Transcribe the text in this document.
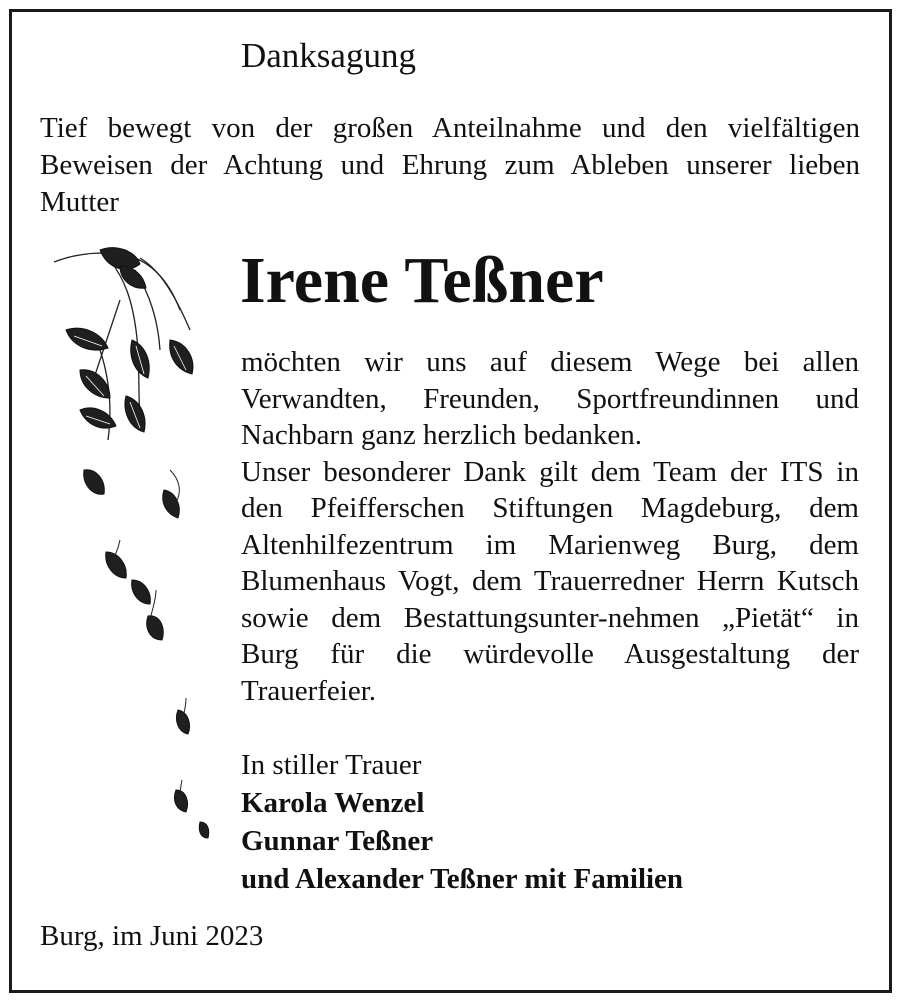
Danksagung
Tief bewegt von der großen Anteilnahme und den vielfältigen Beweisen der Achtung und Ehrung zum Ableben unserer lieben Mutter
Irene Teßner

möchten wir uns auf diesem Wege bei allen Verwandten, Freunden, Sportfreundinnen und Nachbarn ganz herzlich bedanken.

Unser besonderer Dank gilt dem Team der ITS in den Pfeifferschen Stiftungen Magdeburg, dem Altenhilfezentrum im Marienweg Burg, dem Blumenhaus Vogt, dem Trauerredner Herrn Kutsch sowie dem Bestattungsunter-nehmen „Pietät“ in Burg für die würdevolle Ausgestaltung der Trauerfeier.

In stiller Trauer
Karola Wenzel
Gunnar Teßner
und Alexander Teßner mit Familien
Burg, im Juni 2023
